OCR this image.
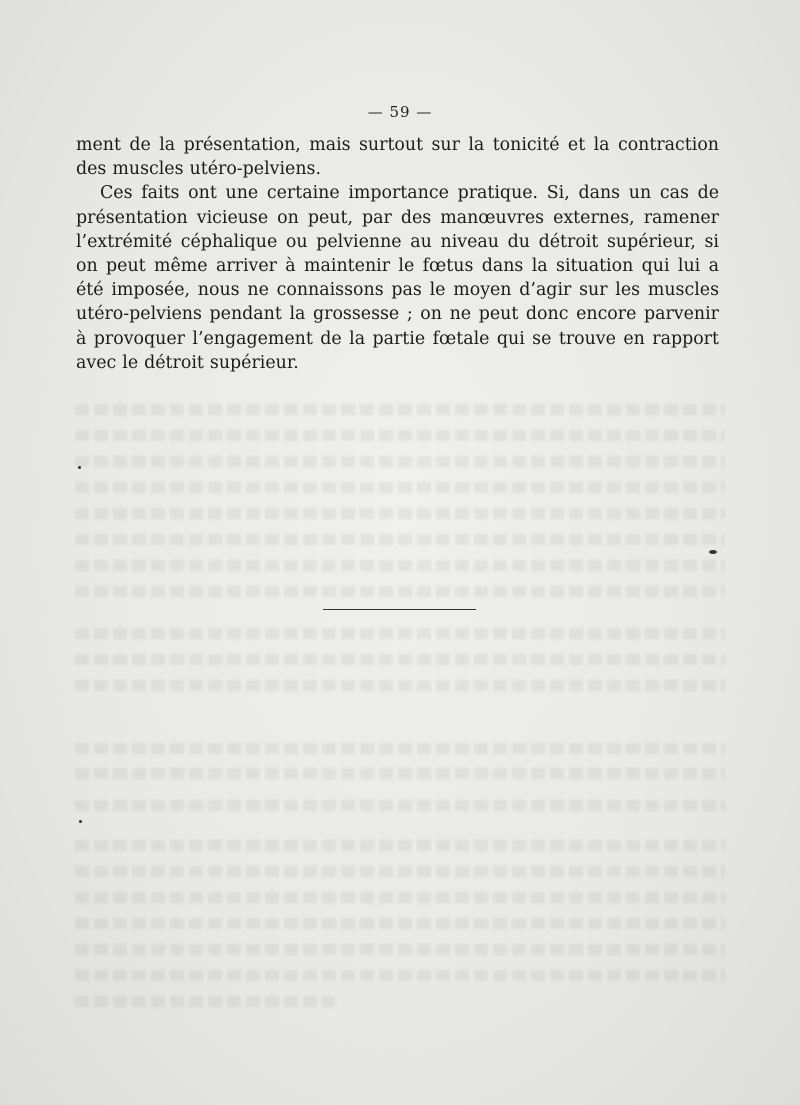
— 59 —

ment de la présentation, mais surtout sur la tonicité et la contraction des muscles utéro-pelviens.

Ces faits ont une certaine importance pratique. Si, dans un cas de présentation vicieuse on peut, par des manœuvres externes, ramener l’extrémité céphalique ou pelvienne au niveau du détroit supérieur, si on peut même arriver à maintenir le fœtus dans la situation qui lui a été imposée, nous ne connaissons pas le moyen d’agir sur les muscles utéro-pelviens pendant la grossesse ; on ne peut donc encore parvenir à provoquer l’engagement de la partie fœtale qui se trouve en rapport avec le détroit supérieur.
